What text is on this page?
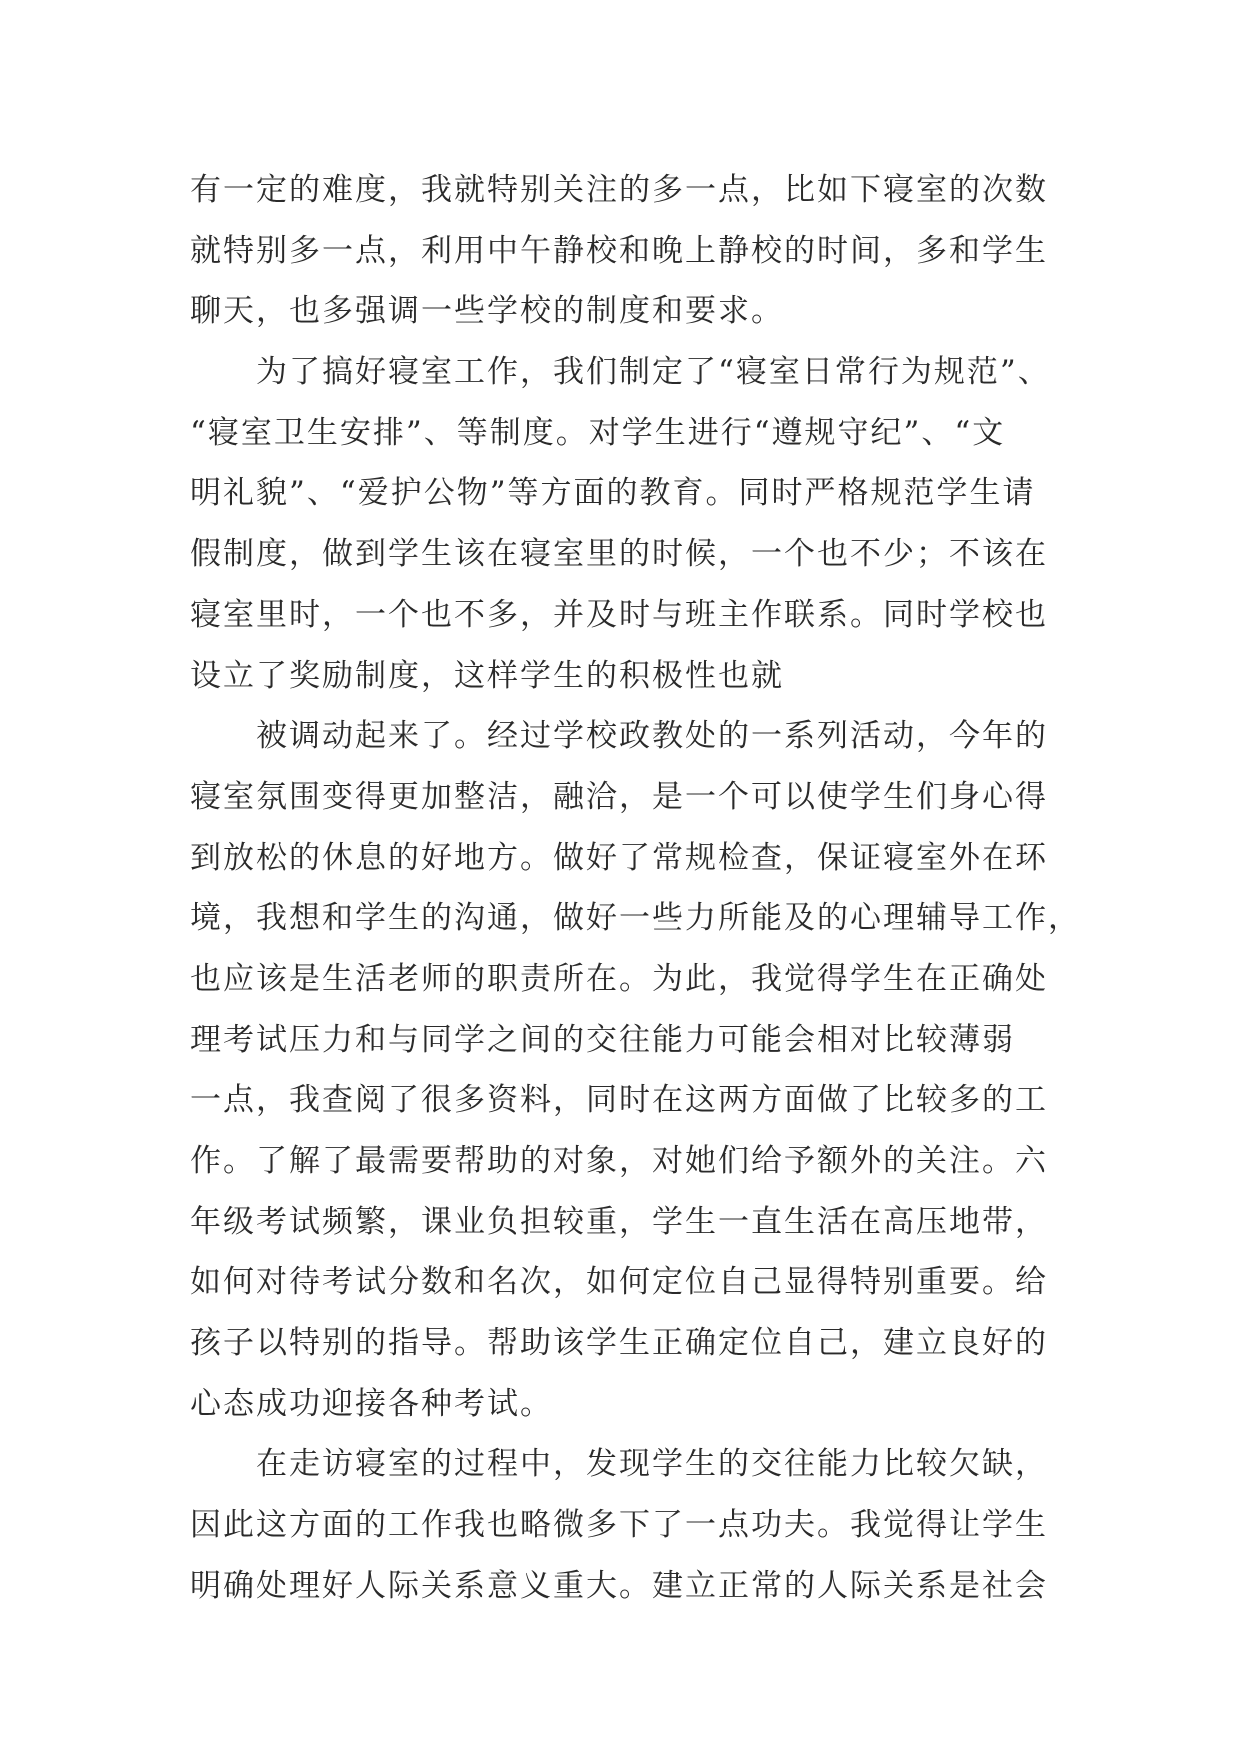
有一定的难度，我就特别关注的多一点，比如下寝室的次数
就特别多一点，利用中午静校和晚上静校的时间，多和学生
聊天，也多强调一些学校的制度和要求。
为了搞好寝室工作，我们制定了“寝室日常行为规范”、
“寝室卫生安排”、等制度。对学生进行“遵规守纪”、“文
明礼貌”、“爱护公物”等方面的教育。同时严格规范学生请
假制度，做到学生该在寝室里的时候，一个也不少；不该在
寝室里时，一个也不多，并及时与班主作联系。同时学校也
设立了奖励制度，这样学生的积极性也就
被调动起来了。经过学校政教处的一系列活动，今年的
寝室氛围变得更加整洁，融洽，是一个可以使学生们身心得
到放松的休息的好地方。做好了常规检查，保证寝室外在环
境，我想和学生的沟通，做好一些力所能及的心理辅导工作，
也应该是生活老师的职责所在。为此，我觉得学生在正确处
理考试压力和与同学之间的交往能力可能会相对比较薄弱
一点，我查阅了很多资料，同时在这两方面做了比较多的工
作。了解了最需要帮助的对象，对她们给予额外的关注。六
年级考试频繁，课业负担较重，学生一直生活在高压地带，
如何对待考试分数和名次，如何定位自己显得特别重要。给
孩子以特别的指导。帮助该学生正确定位自己，建立良好的
心态成功迎接各种考试。
在走访寝室的过程中，发现学生的交往能力比较欠缺，
因此这方面的工作我也略微多下了一点功夫。我觉得让学生
明确处理好人际关系意义重大。建立正常的人际关系是社会
